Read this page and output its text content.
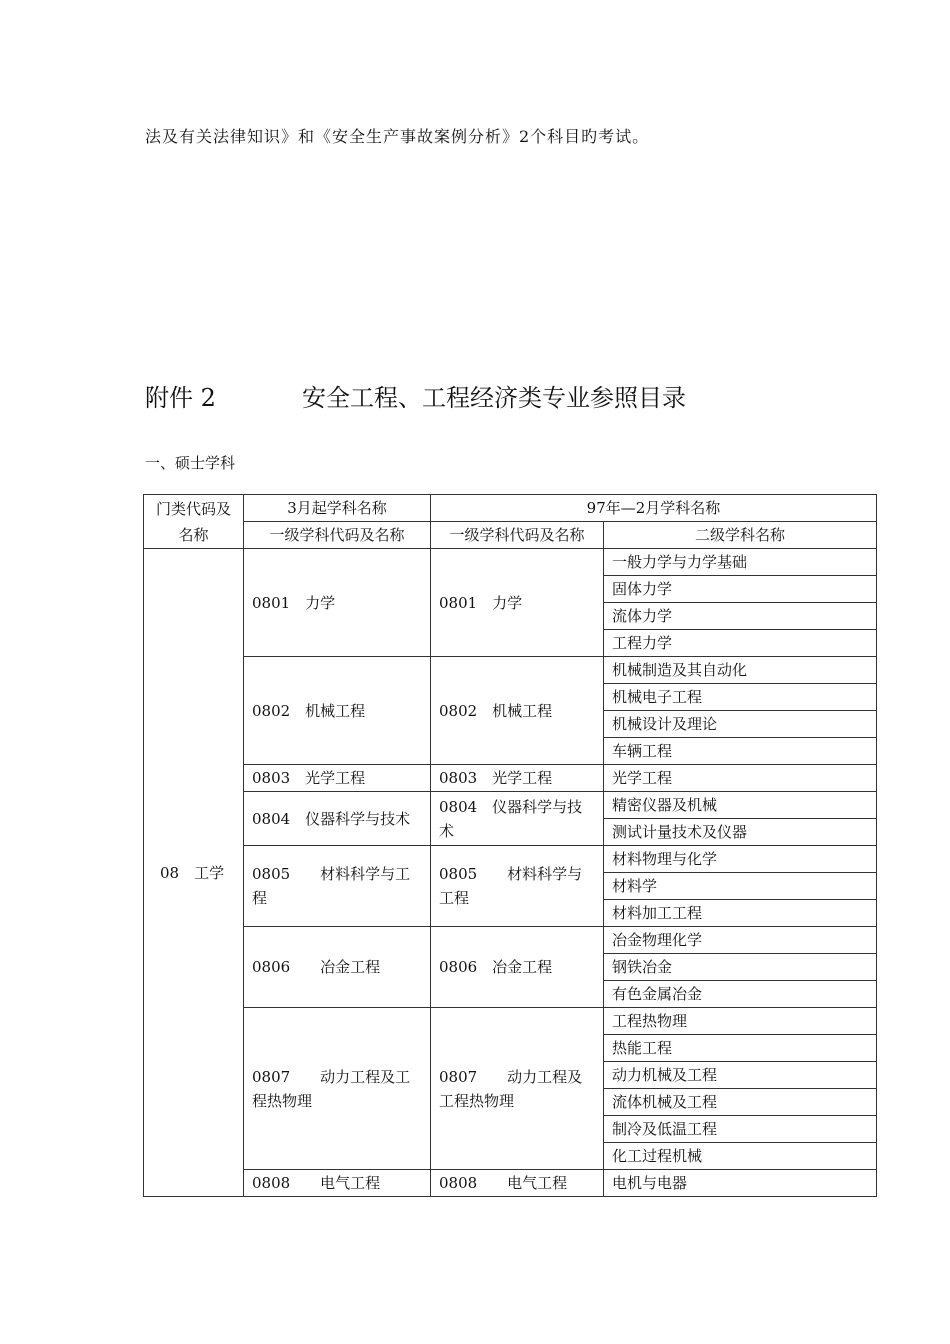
法及有关法律知识》和《安全生产事故案例分析》2个科目旳考试。
附件 2	安全工程、工程经济类专业参照目录
一、硕士学科
门类代码及名称	3月起学科名称	97年—2月学科名称	
	一级学科代码及名称	一级学科代码及名称	二级学科名称
08　工学	0801　力学	0801　力学	一般力学与力学基础
			固体力学
			流体力学
			工程力学
	0802　机械工程	0802　机械工程	机械制造及其自动化
			机械电子工程
			机械设计及理论
			车辆工程
	0803　光学工程	0803　光学工程	光学工程
	0804　仪器科学与技术	0804　仪器科学与技术	精密仪器及机械
			测试计量技术及仪器
	0805　　材料科学与工程	0805　　材料科学与工程	材料物理与化学
			材料学
			材料加工工程
	0806　　冶金工程	0806　冶金工程	冶金物理化学
			钢铁冶金
			有色金属冶金
	0807　　动力工程及工程热物理	0807　　动力工程及工程热物理	工程热物理
			热能工程
			动力机械及工程
			流体机械及工程
			制冷及低温工程
			化工过程机械
	0808　　电气工程	0808　　电气工程	电机与电器
